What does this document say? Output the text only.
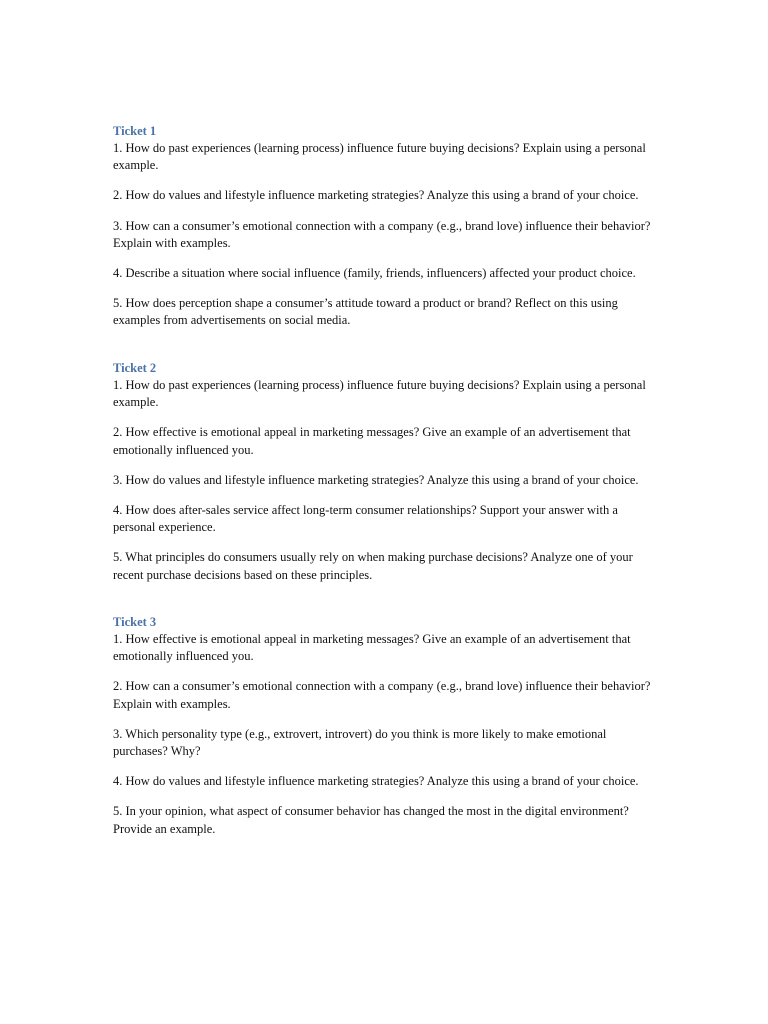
Ticket 1

1. How do past experiences (learning process) influence future buying decisions? Explain using a personal example.

2. How do values and lifestyle influence marketing strategies? Analyze this using a brand of your choice.

3. How can a consumer’s emotional connection with a company (e.g., brand love) influence their behavior? Explain with examples.

4. Describe a situation where social influence (family, friends, influencers) affected your product choice.

5. How does perception shape a consumer’s attitude toward a product or brand? Reflect on this using examples from advertisements on social media.

Ticket 2

1. How do past experiences (learning process) influence future buying decisions? Explain using a personal example.

2. How effective is emotional appeal in marketing messages? Give an example of an advertisement that emotionally influenced you.

3. How do values and lifestyle influence marketing strategies? Analyze this using a brand of your choice.

4. How does after-sales service affect long-term consumer relationships? Support your answer with a personal experience.

5. What principles do consumers usually rely on when making purchase decisions? Analyze one of your recent purchase decisions based on these principles.

Ticket 3

1. How effective is emotional appeal in marketing messages? Give an example of an advertisement that emotionally influenced you.

2. How can a consumer’s emotional connection with a company (e.g., brand love) influence their behavior? Explain with examples.

3. Which personality type (e.g., extrovert, introvert) do you think is more likely to make emotional purchases? Why?

4. How do values and lifestyle influence marketing strategies? Analyze this using a brand of your choice.

5. In your opinion, what aspect of consumer behavior has changed the most in the digital environment? Provide an example.
